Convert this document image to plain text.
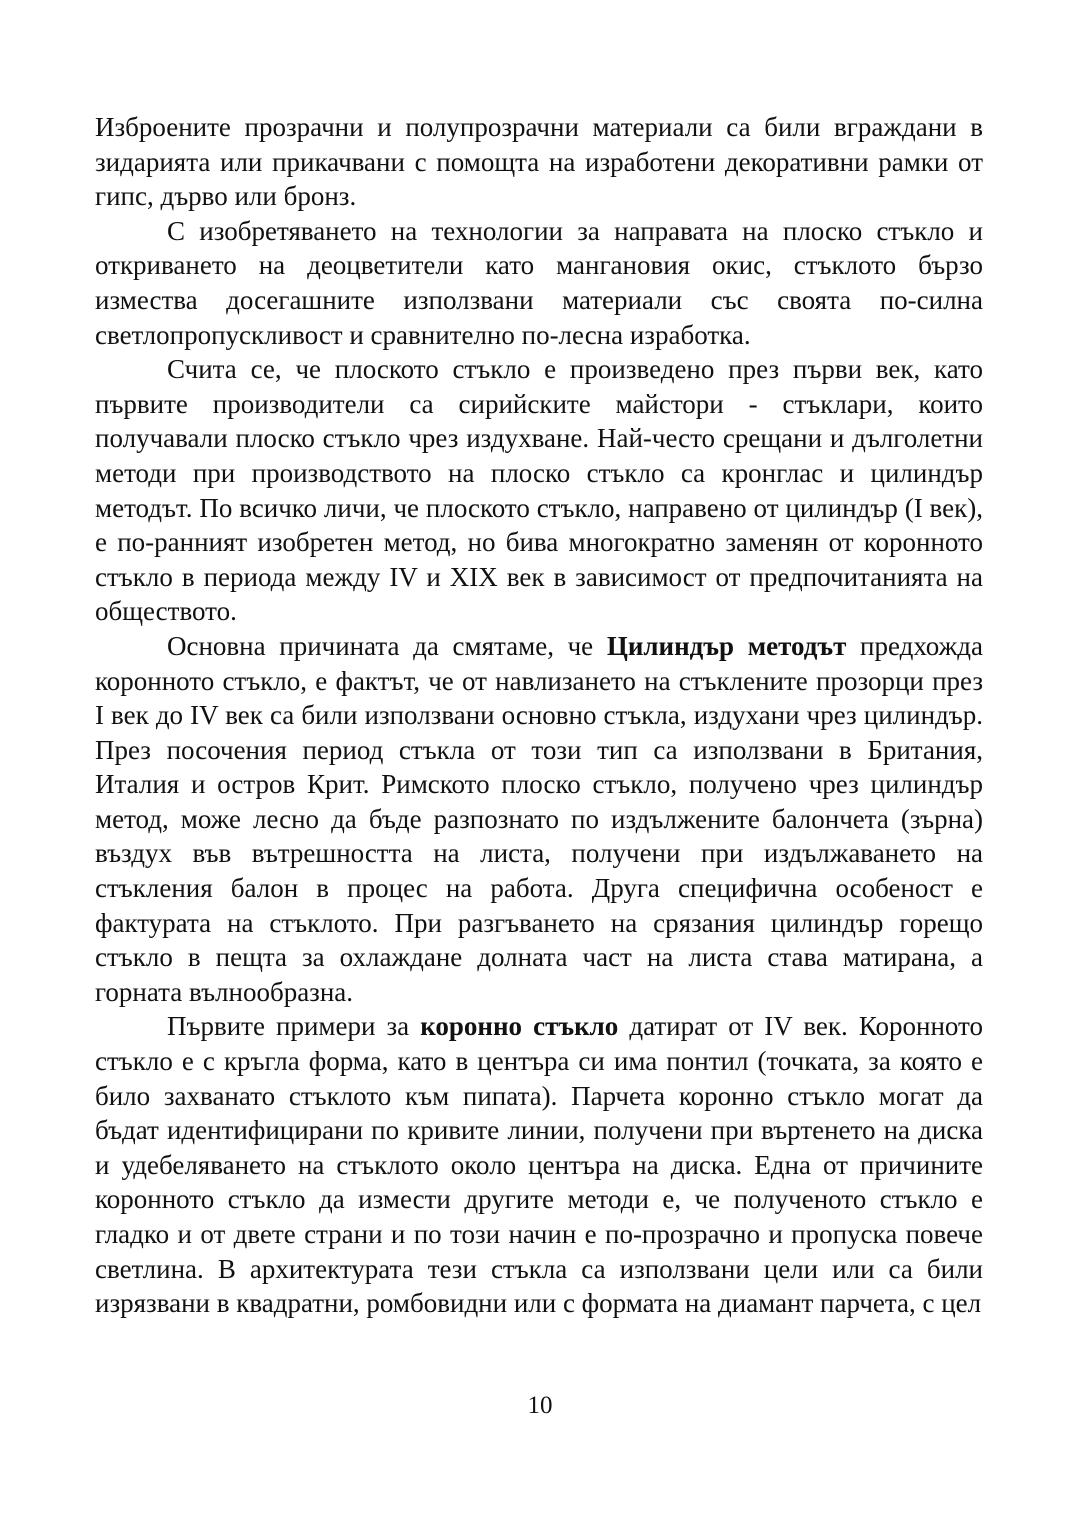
Изброените прозрачни и полупрозрачни материали са били вграждани в зидарията или прикачвани с помощта на изработени декоративни рамки от гипс, дърво или бронз.

С изобретяването на технологии за направата на плоско стъкло и откриването на деоцветители като мангановия окис, стъклото бързо измества досегашните използвани материали със своята по-силна светлопропускливост и сравнително по-лесна изработка.

Счита се, че плоското стъкло е произведено през първи век, като първите производители са сирийските майстори - стъклари, които получавали плоско стъкло чрез издухване. Най-често срещани и дълголетни методи при производството на плоско стъкло са кронглас и цилиндър методът. По всичко личи, че плоското стъкло, направено от цилиндър (I век), е по-ранният изобретен метод, но бива многократно заменян от коронното стъкло в периода между IV и XIX век в зависимост от предпочитанията на обществото.

Основна причината да смятаме, че Цилиндър методът предхожда коронното стъкло, е фактът, че от навлизането на стъклените прозорци през I век до IV век са били използвани основно стъкла, издухани чрез цилиндър. През посочения период стъкла от този тип са използвани в Британия, Италия и остров Крит. Римското плоско стъкло, получено чрез цилиндър метод, може лесно да бъде разпознато по издължените балончета (зърна) въздух във вътрешността на листа, получени при издължаването на стъкления балон в процес на работа. Друга специфична особеност е фактурата на стъклото. При разгъването на срязания цилиндър горещо стъкло в пещта за охлаждане долната част на листа става матирана, а горната вълнообразна.

Първите примери за коронно стъкло датират от IV век. Коронното стъкло е с кръгла форма, като в центъра си има понтил (точката, за която е било захванато стъклото към пипата). Парчета коронно стъкло могат да бъдат идентифицирани по кривите линии, получени при въртенето на диска и удебеляването на стъклото около центъра на диска. Една от причините коронното стъкло да измести другите методи е, че полученото стъкло е гладко и от двете страни и по този начин е по-прозрачно и пропуска повече светлина. В архитектурата тези стъкла са използвани цели или са били изрязвани в квадратни, ромбовидни или с формата на диамант парчета, с цел

10
